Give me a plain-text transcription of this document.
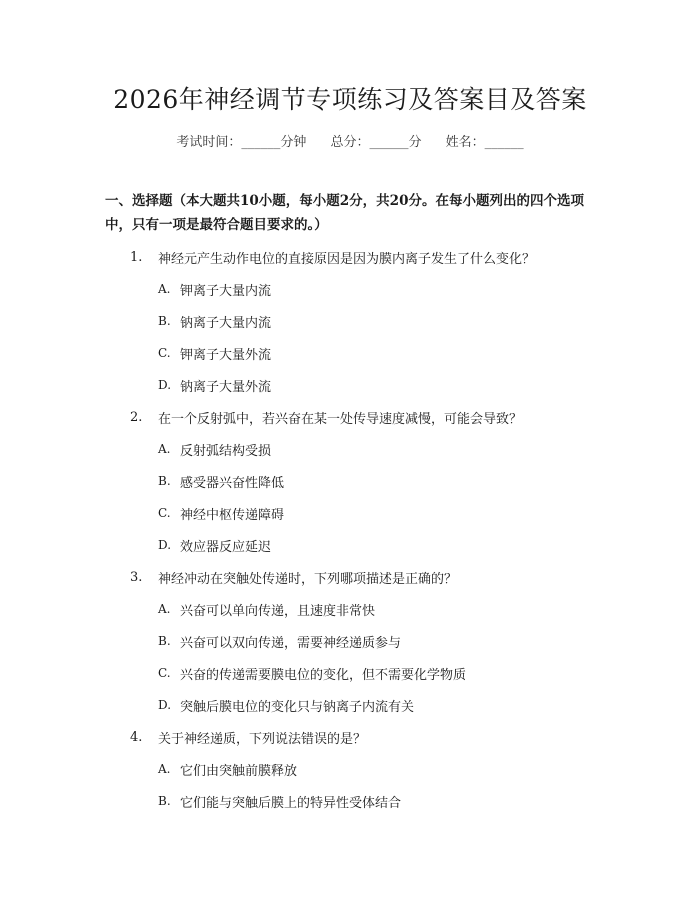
2026年神经调节专项练习及答案目及答案
考试时间：______分钟 总分：______分 姓名：______

一、选择题（本大题共10小题，每小题2分，共20分。在每小题列出的四个选项中，只有一项是最符合题目要求的。）

1.	神经元产生动作电位的直接原因是因为膜内离子发生了什么变化？
A. 钾离子大量内流
B. 钠离子大量内流
C. 钾离子大量外流
D. 钠离子大量外流
2.	在一个反射弧中，若兴奋在某一处传导速度减慢，可能会导致？
A. 反射弧结构受损
B. 感受器兴奋性降低
C. 神经中枢传递障碍
D. 效应器反应延迟
3.	神经冲动在突触处传递时，下列哪项描述是正确的？
A. 兴奋可以单向传递，且速度非常快
B. 兴奋可以双向传递，需要神经递质参与
C. 兴奋的传递需要膜电位的变化，但不需要化学物质
D. 突触后膜电位的变化只与钠离子内流有关
4.	关于神经递质，下列说法错误的是？
A. 它们由突触前膜释放
B. 它们能与突触后膜上的特异性受体结合
